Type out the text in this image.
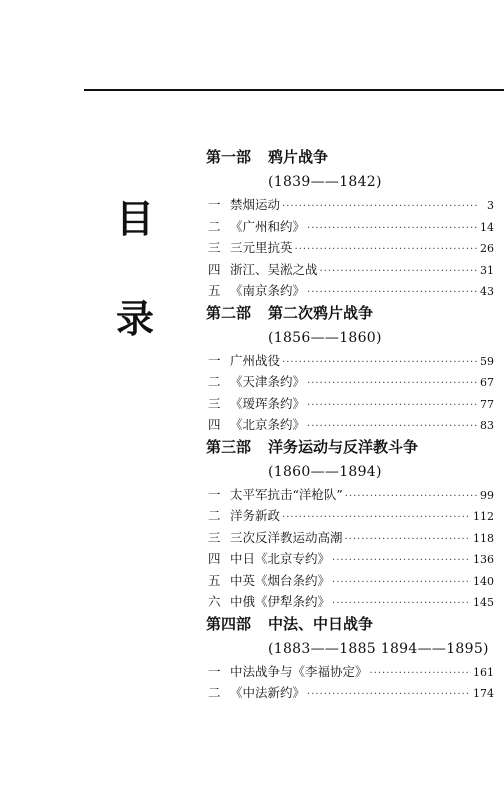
目
录
第一部	鸦片战争
(1839——1842)
一 禁烟运动 ·····	3
二 《广州和约》 ·····	14
三 三元里抗英 ·····	26
四 浙江、吴淞之战 ·····	31
五 《南京条约》 ·····	43
第二部	第二次鸦片战争
(1856——1860)
一 广州战役 ·····	59
二 《天津条约》 ·····	67
三 《瑷珲条约》 ·····	77
四 《北京条约》 ·····	83
第三部	洋务运动与反洋教斗争
(1860——1894)
一 太平军抗击“洋枪队” ·····	99
二 洋务新政 ·····	112
三 三次反洋教运动高潮 ·····	118
四 中日《北京专约》 ·····	136
五 中英《烟台条约》 ·····	140
六 中俄《伊犁条约》 ·····	145
第四部	中法、中日战争
(1883——1885 1894——1895)
一 中法战争与《李福协定》 ·····	161
二 《中法新约》 ·····	174
